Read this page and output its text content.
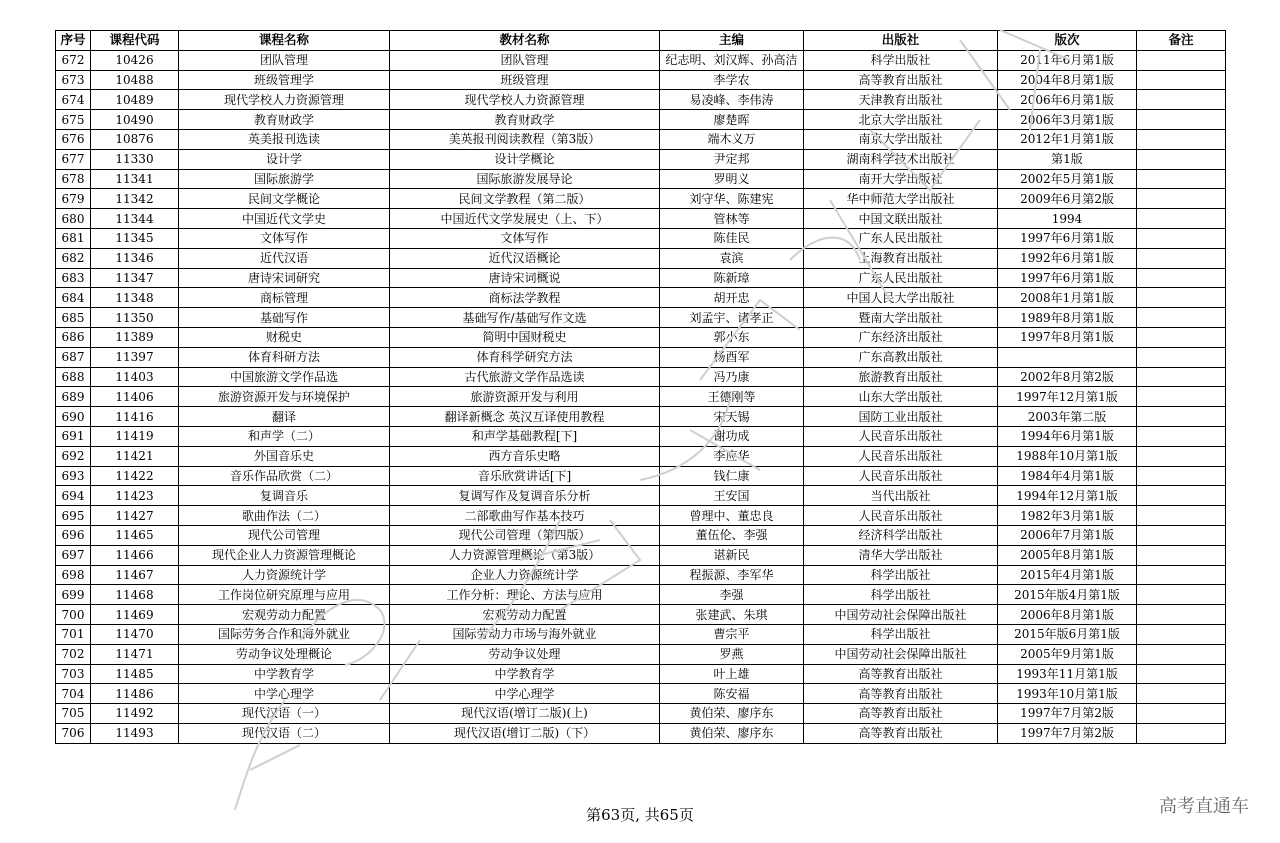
序号	课程代码	课程名称	教材名称	主编	出版社	版次	备注
672	10426	团队管理	团队管理	纪志明、刘汉辉、孙高洁	科学出版社	2011年6月第1版	
673	10488	班级管理学	班级管理	李学农	高等教育出版社	2004年8月第1版	
674	10489	现代学校人力资源管理	现代学校人力资源管理	易凌峰、李伟涛	天津教育出版社	2006年6月第1版	
675	10490	教育财政学	教育财政学	廖楚晖	北京大学出版社	2006年3月第1版	
676	10876	英美报刊选读	美英报刊阅读教程（第3版）	端木义万	南京大学出版社	2012年1月第1版	
677	11330	设计学	设计学概论	尹定邦	湖南科学技术出版社	第1版	
678	11341	国际旅游学	国际旅游发展导论	罗明义	南开大学出版社	2002年5月第1版	
679	11342	民间文学概论	民间文学教程（第二版）	刘守华、陈建宪	华中师范大学出版社	2009年6月第2版	
680	11344	中国近代文学史	中国近代文学发展史（上、下）	管林等	中国文联出版社	1994	
681	11345	文体写作	文体写作	陈佳民	广东人民出版社	1997年6月第1版	
682	11346	近代汉语	近代汉语概论	袁滨	上海教育出版社	1992年6月第1版	
683	11347	唐诗宋词研究	唐诗宋词概说	陈新璋	广东人民出版社	1997年6月第1版	
684	11348	商标管理	商标法学教程	胡开忠	中国人民大学出版社	2008年1月第1版	
685	11350	基础写作	基础写作/基础写作文选	刘孟宇、诸孝正	暨南大学出版社	1989年8月第1版	
686	11389	财税史	简明中国财税史	郭小东	广东经济出版社	1997年8月第1版	
687	11397	体育科研方法	体育科学研究方法	杨酉军	广东高教出版社		
688	11403	中国旅游文学作品选	古代旅游文学作品选读	冯乃康	旅游教育出版社	2002年8月第2版	
689	11406	旅游资源开发与环境保护	旅游资源开发与利用	王德刚等	山东大学出版社	1997年12月第1版	
690	11416	翻译	翻译新概念 英汉互译使用教程	宋天锡	国防工业出版社	2003年第二版	
691	11419	和声学（二）	和声学基础教程[下]	谢功成	人民音乐出版社	1994年6月第1版	
692	11421	外国音乐史	西方音乐史略	李应华	人民音乐出版社	1988年10月第1版	
693	11422	音乐作品欣赏（二）	音乐欣赏讲话[下]	钱仁康	人民音乐出版社	1984年4月第1版	
694	11423	复调音乐	复调写作及复调音乐分析	王安国	当代出版社	1994年12月第1版	
695	11427	歌曲作法（二）	二部歌曲写作基本技巧	曾理中、董忠良	人民音乐出版社	1982年3月第1版	
696	11465	现代公司管理	现代公司管理（第四版）	董伍伦、李强	经济科学出版社	2006年7月第1版	
697	11466	现代企业人力资源管理概论	人力资源管理概论（第3版）	谌新民	清华大学出版社	2005年8月第1版	
698	11467	人力资源统计学	企业人力资源统计学	程振源、李军华	科学出版社	2015年4月第1版	
699	11468	工作岗位研究原理与应用	工作分析：理论、方法与应用	李强	科学出版社	2015年版4月第1版	
700	11469	宏观劳动力配置	宏观劳动力配置	张建武、朱琪	中国劳动社会保障出版社	2006年8月第1版	
701	11470	国际劳务合作和海外就业	国际劳动力市场与海外就业	曹宗平	科学出版社	2015年版6月第1版	
702	11471	劳动争议处理概论	劳动争议处理	罗燕	中国劳动社会保障出版社	2005年9月第1版	
703	11485	中学教育学	中学教育学	叶上雄	高等教育出版社	1993年11月第1版	
704	11486	中学心理学	中学心理学	陈安福	高等教育出版社	1993年10月第1版	
705	11492	现代汉语（一）	现代汉语(增订二版)(上)	黄伯荣、廖序东	高等教育出版社	1997年7月第2版	
706	11493	现代汉语（二）	现代汉语(增订二版)（下）	黄伯荣、廖序东	高等教育出版社	1997年7月第2版	
第63页, 共65页	高考直通车
